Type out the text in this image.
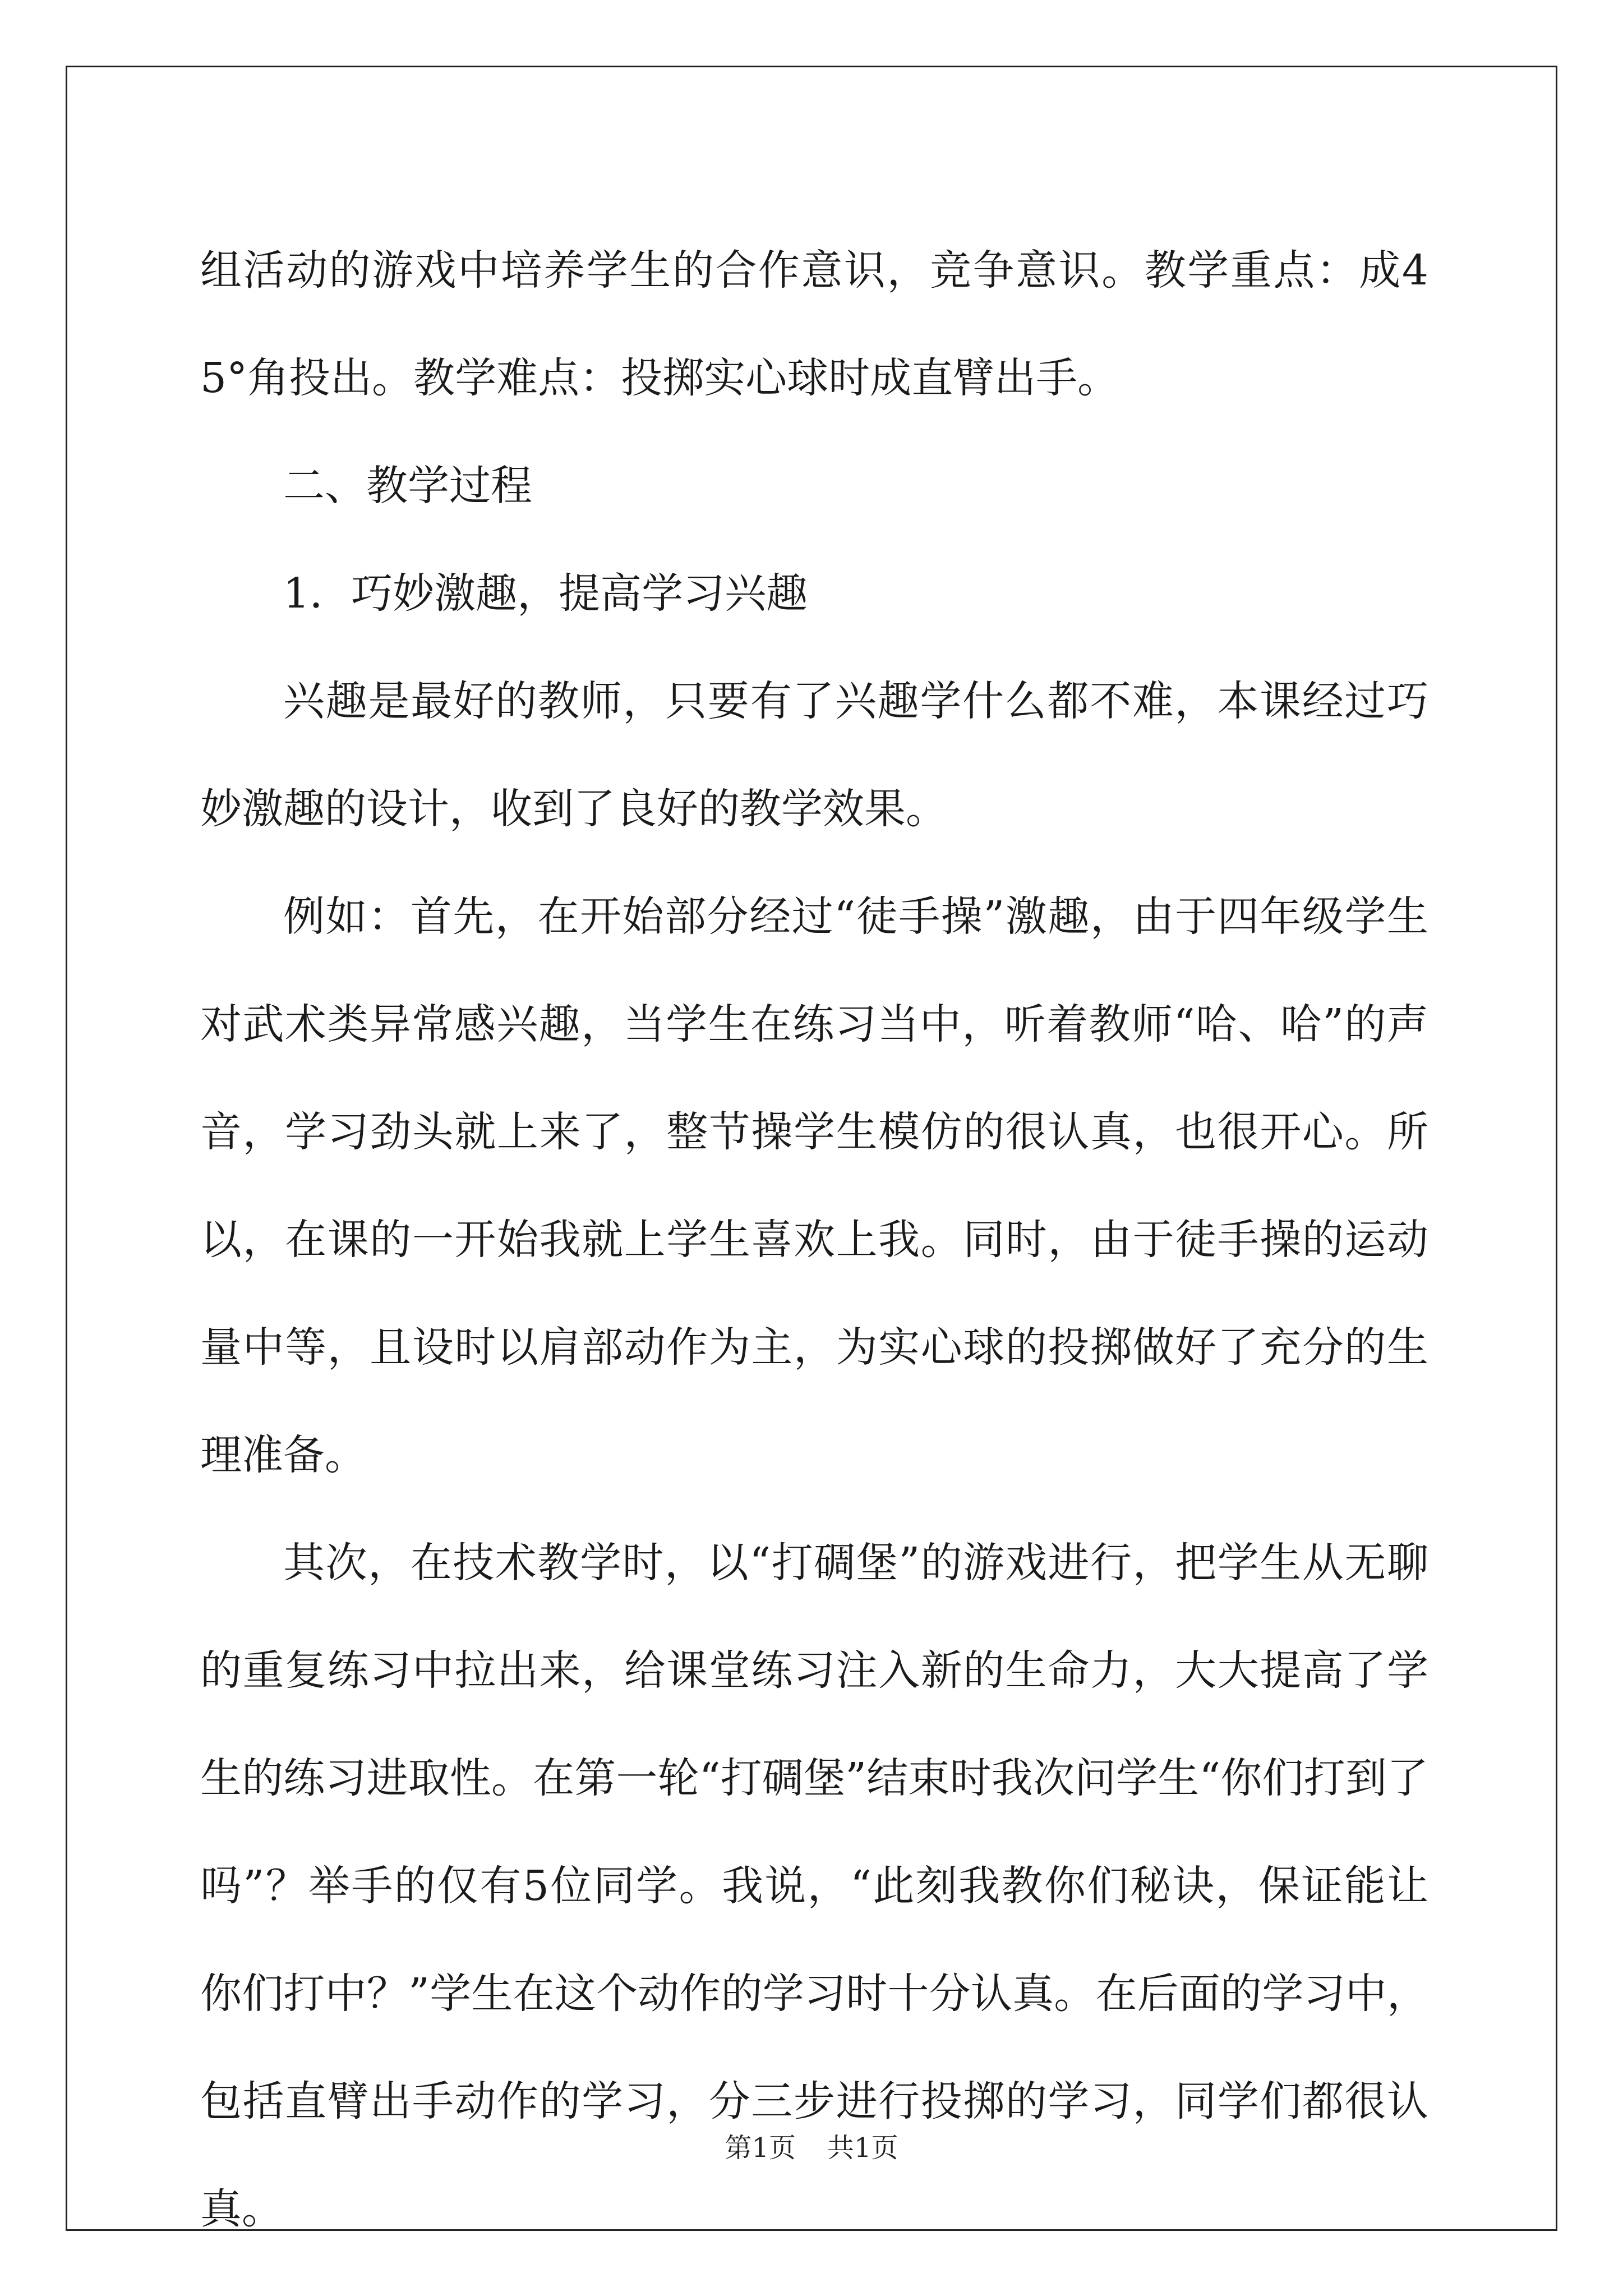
组活动的游戏中培养学生的合作意识，竞争意识。教学重点：成45°角投出。教学难点：投掷实心球时成直臂出手。

二、教学过程

1．巧妙激趣，提高学习兴趣

兴趣是最好的教师，只要有了兴趣学什么都不难，本课经过巧妙激趣的设计，收到了良好的教学效果。

例如：首先，在开始部分经过“徒手操”激趣，由于四年级学生对武术类异常感兴趣，当学生在练习当中，听着教师“哈、哈”的声音，学习劲头就上来了，整节操学生模仿的很认真，也很开心。所以，在课的一开始我就上学生喜欢上我。同时，由于徒手操的运动量中等，且设时以肩部动作为主，为实心球的投掷做好了充分的生理准备。

其次，在技术教学时，以“打碉堡”的游戏进行，把学生从无聊的重复练习中拉出来，给课堂练习注入新的生命力，大大提高了学生的练习进取性。在第一轮“打碉堡”结束时我次问学生“你们打到了吗”？举手的仅有5位同学。我说，“此刻我教你们秘诀，保证能让你们打中？”学生在这个动作的学习时十分认真。在后面的学习中，包括直臂出手动作的学习，分三步进行投掷的学习，同学们都很认真。

第1页 共1页
